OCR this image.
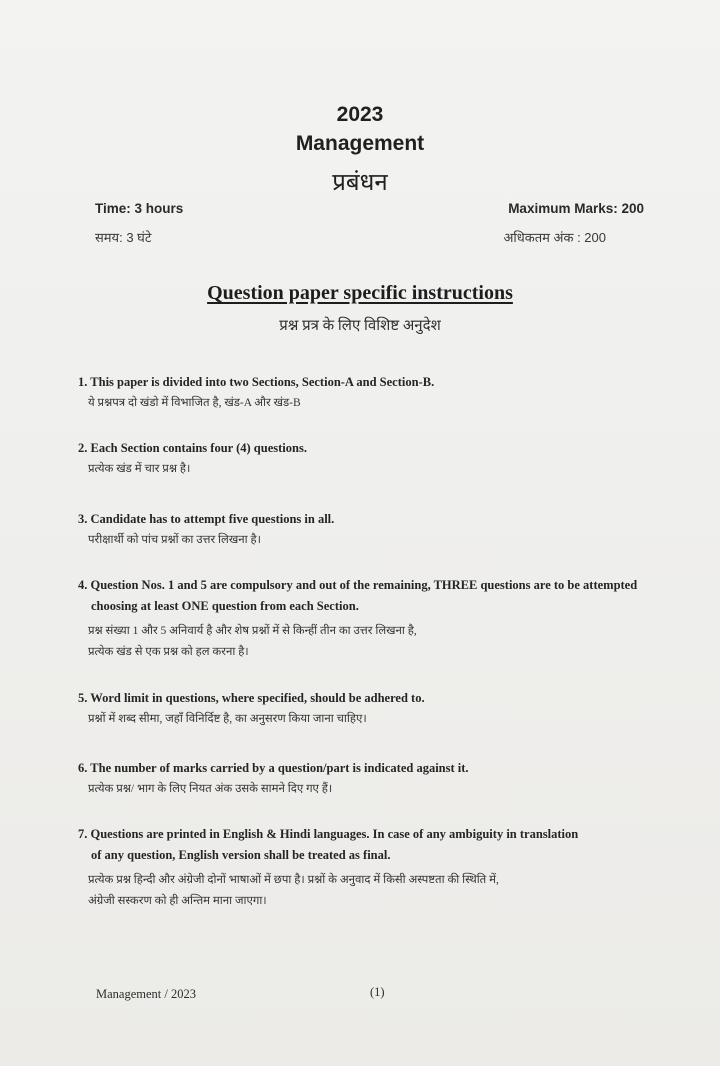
2023
Management
प्रबंधन
Time: 3 hours
समय: 3 घंटे
Maximum Marks: 200
अधिकतम अंक : 200
Question paper specific instructions
प्रश्न प्रत्र के लिए विशिष्ट अनुदेश

1. This paper is divided into two Sections, Section-A and Section-B.

ये प्रश्नपत्र दो खंडो में विभाजित है, खंड-A और खंड-B

2. Each Section contains four (4) questions.

प्रत्येक खंड में चार प्रश्न है।

3. Candidate has to attempt five questions in all.

परीक्षार्थी को पांच प्रश्नों का उत्तर लिखना है।

4. Question Nos. 1 and 5 are compulsory and out of the remaining, THREE questions are to be attempted

choosing at least ONE question from each Section.

प्रश्न संख्या 1 और 5 अनिवार्य है और शेष प्रश्नों में से किन्हीं तीन का उत्तर लिखना है,

प्रत्येक खंड से एक प्रश्न को हल करना है।

5. Word limit in questions, where specified, should be adhered to.

प्रश्नों में शब्द सीमा, जहाँ विनिर्दिष्ट है, का अनुसरण किया जाना चाहिए।

6. The number of marks carried by a question/part is indicated against it.

प्रत्येक प्रश्न/ भाग के लिए नियत अंक उसके सामने दिए गए हैं।

7. Questions are printed in English & Hindi languages. In case of any ambiguity in translation

of any question, English version shall be treated as final.

प्रत्येक प्रश्न हिन्दी और अंग्रेजी दोनों भाषाओं में छपा है। प्रश्नों के अनुवाद में किसी अस्पष्टता की स्थिति में,

अंग्रेजी सस्करण को ही अन्तिम माना जाएगा।

Management / 2023	(1)
